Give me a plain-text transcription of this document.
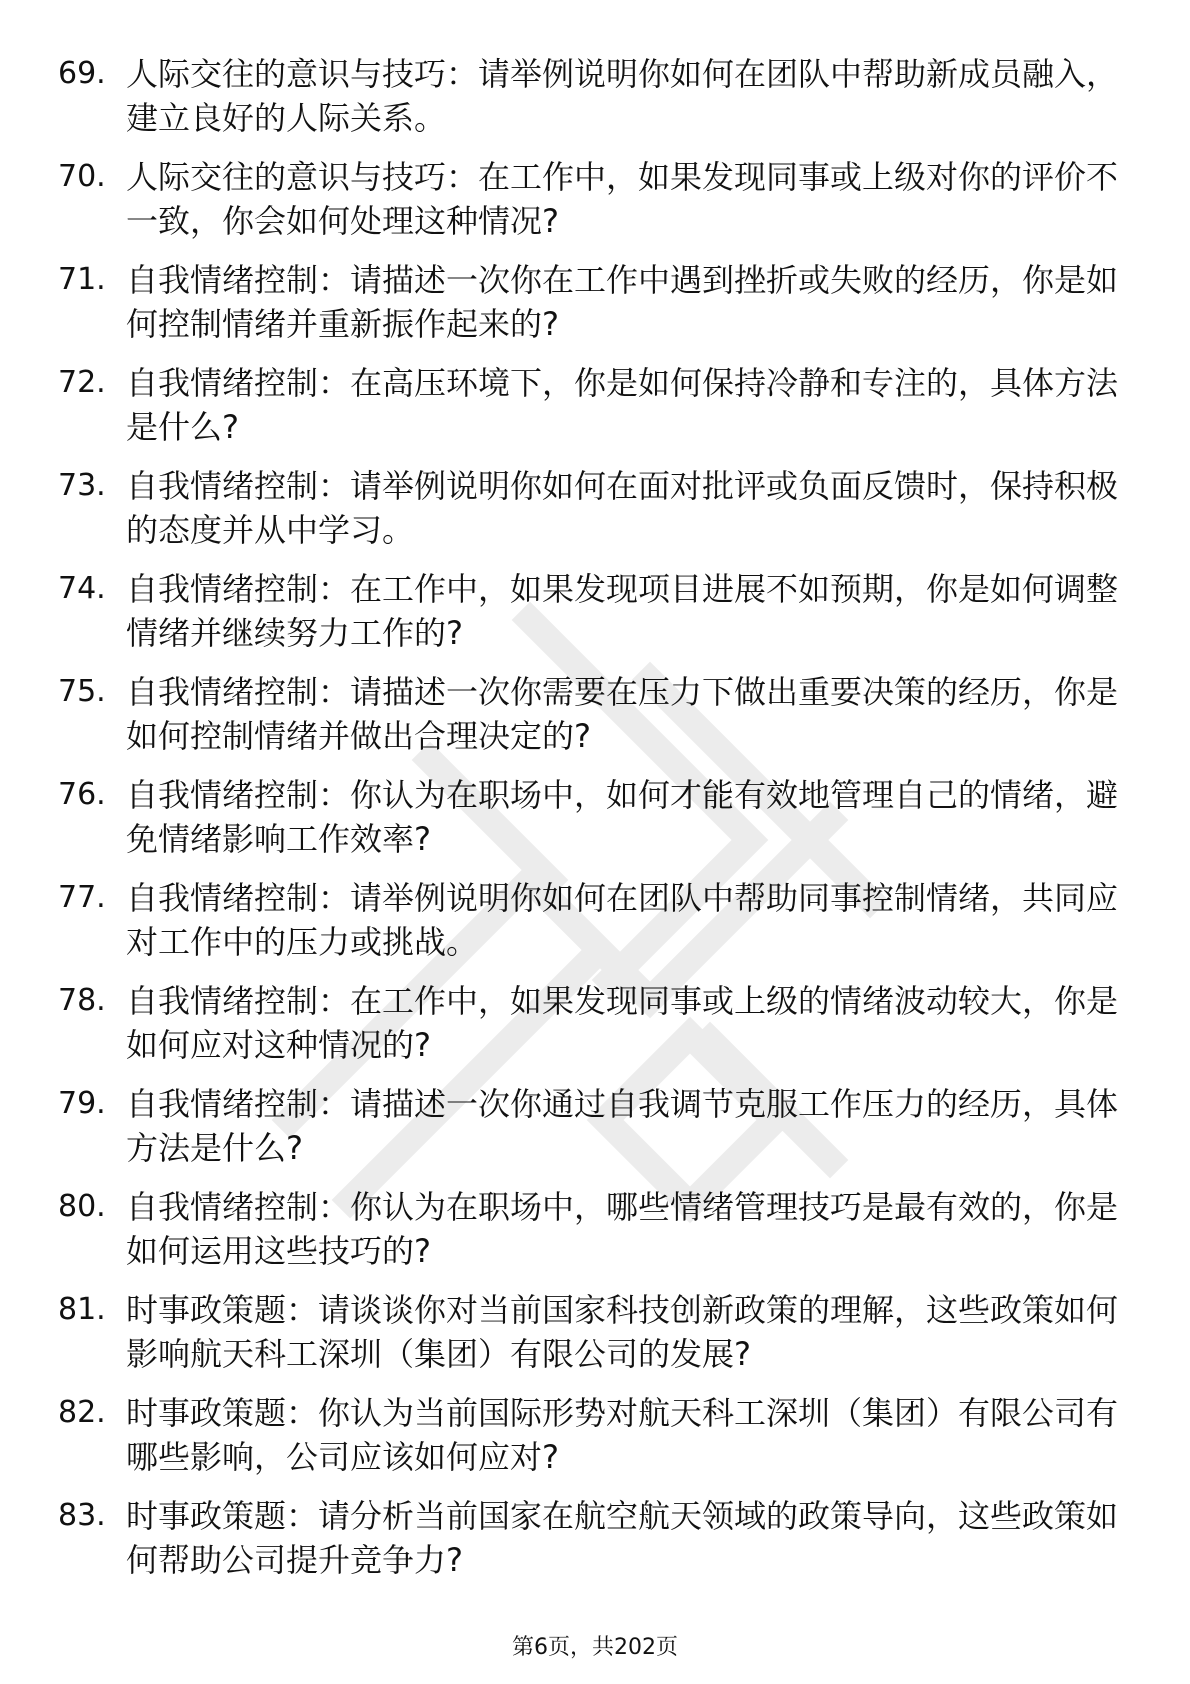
69. 人际交往的意识与技巧：请举例说明你如何在团队中帮助新成员融入，建立良好的人际关系。
70. 人际交往的意识与技巧：在工作中，如果发现同事或上级对你的评价不一致，你会如何处理这种情况?
71. 自我情绪控制：请描述一次你在工作中遇到挫折或失败的经历，你是如何控制情绪并重新振作起来的?
72. 自我情绪控制：在高压环境下，你是如何保持冷静和专注的，具体方法是什么?
73. 自我情绪控制：请举例说明你如何在面对批评或负面反馈时，保持积极的态度并从中学习。
74. 自我情绪控制：在工作中，如果发现项目进展不如预期，你是如何调整情绪并继续努力工作的?
75. 自我情绪控制：请描述一次你需要在压力下做出重要决策的经历，你是如何控制情绪并做出合理决定的?
76. 自我情绪控制：你认为在职场中，如何才能有效地管理自己的情绪，避免情绪影响工作效率?
77. 自我情绪控制：请举例说明你如何在团队中帮助同事控制情绪，共同应对工作中的压力或挑战。
78. 自我情绪控制：在工作中，如果发现同事或上级的情绪波动较大，你是如何应对这种情况的?
79. 自我情绪控制：请描述一次你通过自我调节克服工作压力的经历，具体方法是什么?
80. 自我情绪控制：你认为在职场中，哪些情绪管理技巧是最有效的，你是如何运用这些技巧的?
81. 时事政策题：请谈谈你对当前国家科技创新政策的理解，这些政策如何影响航天科工深圳（集团）有限公司的发展?
82. 时事政策题：你认为当前国际形势对航天科工深圳（集团）有限公司有哪些影响，公司应该如何应对?
83. 时事政策题：请分析当前国家在航空航天领域的政策导向，这些政策如何帮助公司提升竞争力?
第6页，共202页
